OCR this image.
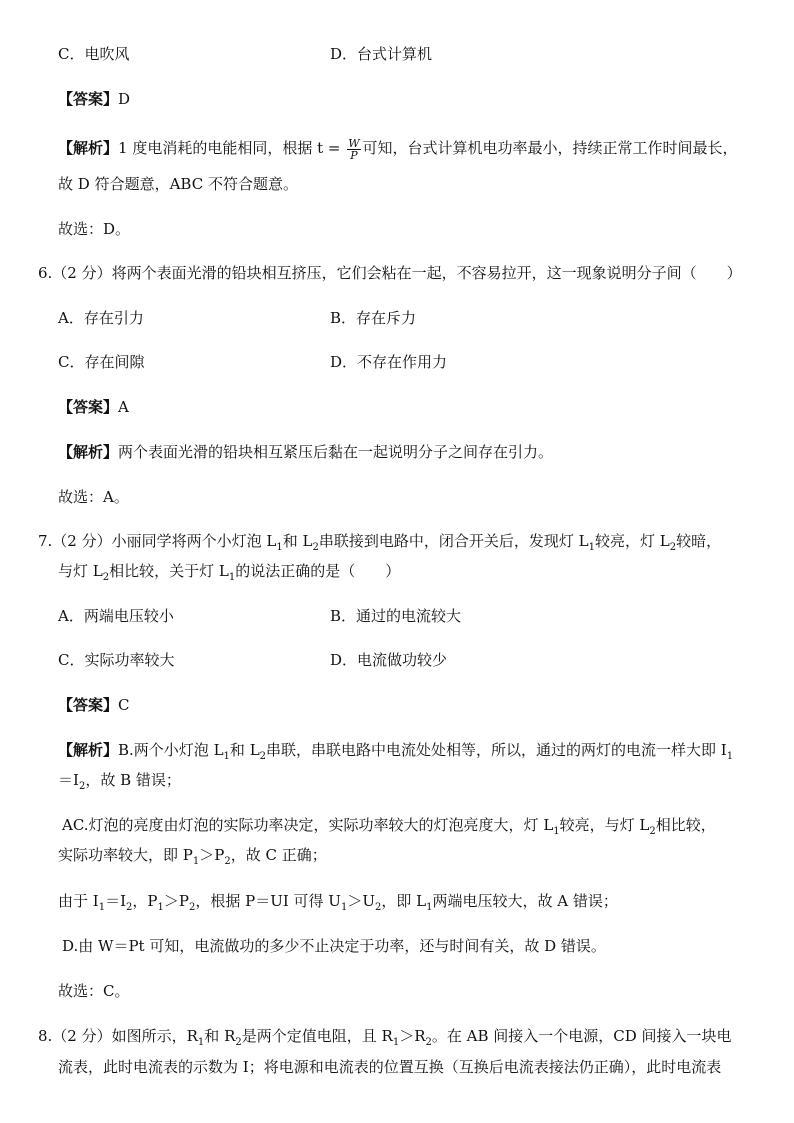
C．电吹风	D．台式计算机
【答案】D
【解析】1 度电消耗的电能相同，根据 $t = \frac{W}{P}$ 可知，台式计算机电功率最小，持续正常工作时间最长，
故 D 符合题意，ABC 不符合题意。
故选：D。
6.（2 分）将两个表面光滑的铅块相互挤压，它们会粘在一起，不容易拉开，这一现象说明分子间（　　）
A．存在引力	B．存在斥力
C．存在间隙	D．不存在作用力
【答案】A
【解析】两个表面光滑的铅块相互紧压后黏在一起说明分子之间存在引力。
故选：A。
7.（2 分）小丽同学将两个小灯泡 $L_1$和 $L_2$串联接到电路中，闭合开关后，发现灯 $L_1$较亮，灯 $L_2$较暗，
与灯 $L_2$相比较，关于灯 $L_1$的说法正确的是（　　）
A．两端电压较小	B．通过的电流较大
C．实际功率较大	D．电流做功较少
【答案】C
【解析】B.两个小灯泡 $L_1$和 $L_2$串联，串联电路中电流处处相等，所以，通过的两灯的电流一样大即 $I_1$
$=I_2$，故 B 错误；
AC.灯泡的亮度由灯泡的实际功率决定，实际功率较大的灯泡亮度大，灯 $L_1$较亮，与灯 $L_2$相比较，
实际功率较大，即 $P_1>P_2$，故 C 正确；
由于 $I_1=I_2$，$P_1>P_2$，根据 P＝UI 可得 $U_1>U_2$，即 $L_1$两端电压较大，故 A 错误；
D.由 W＝Pt 可知，电流做功的多少不止决定于功率，还与时间有关，故 D 错误。
故选：C。
8.（2 分）如图所示，$R_1$和 $R_2$是两个定值电阻，且 $R_1>R_2$。在 AB 间接入一个电源，CD 间接入一块电
流表，此时电流表的示数为 I；将电源和电流表的位置互换（互换后电流表接法仍正确），此时电流表
